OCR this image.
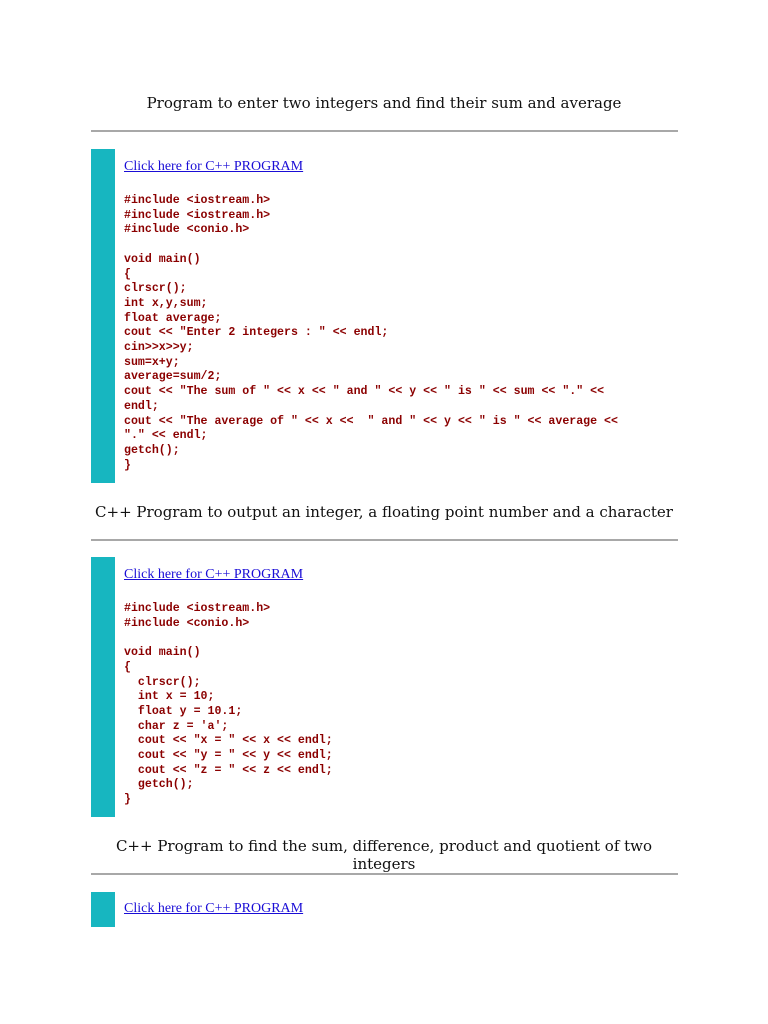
Program to enter two integers and find their sum and average
Click here for C++ PROGRAM
#include <iostream.h>
#include <iostream.h>
#include <conio.h>

void main()
{
clrscr();
int x,y,sum;
float average;
cout << "Enter 2 integers : " << endl;
cin>>x>>y;
sum=x+y;
average=sum/2;
cout << "The sum of " << x << " and " << y << " is " << sum << "." <<
endl;
cout << "The average of " << x <<  " and " << y << " is " << average <<
"." << endl;
getch();
}
C++ Program to output an integer, a floating point number and a character
Click here for C++ PROGRAM
#include <iostream.h>
#include <conio.h>

void main()
{
clrscr();
int x = 10;
float y = 10.1;
char z = 'a';
cout << "x = " << x << endl;
cout << "y = " << y << endl;
cout << "z = " << z << endl;
getch();
}
C++ Program to find the sum, difference, product and quotient of two integers
Click here for C++ PROGRAM
